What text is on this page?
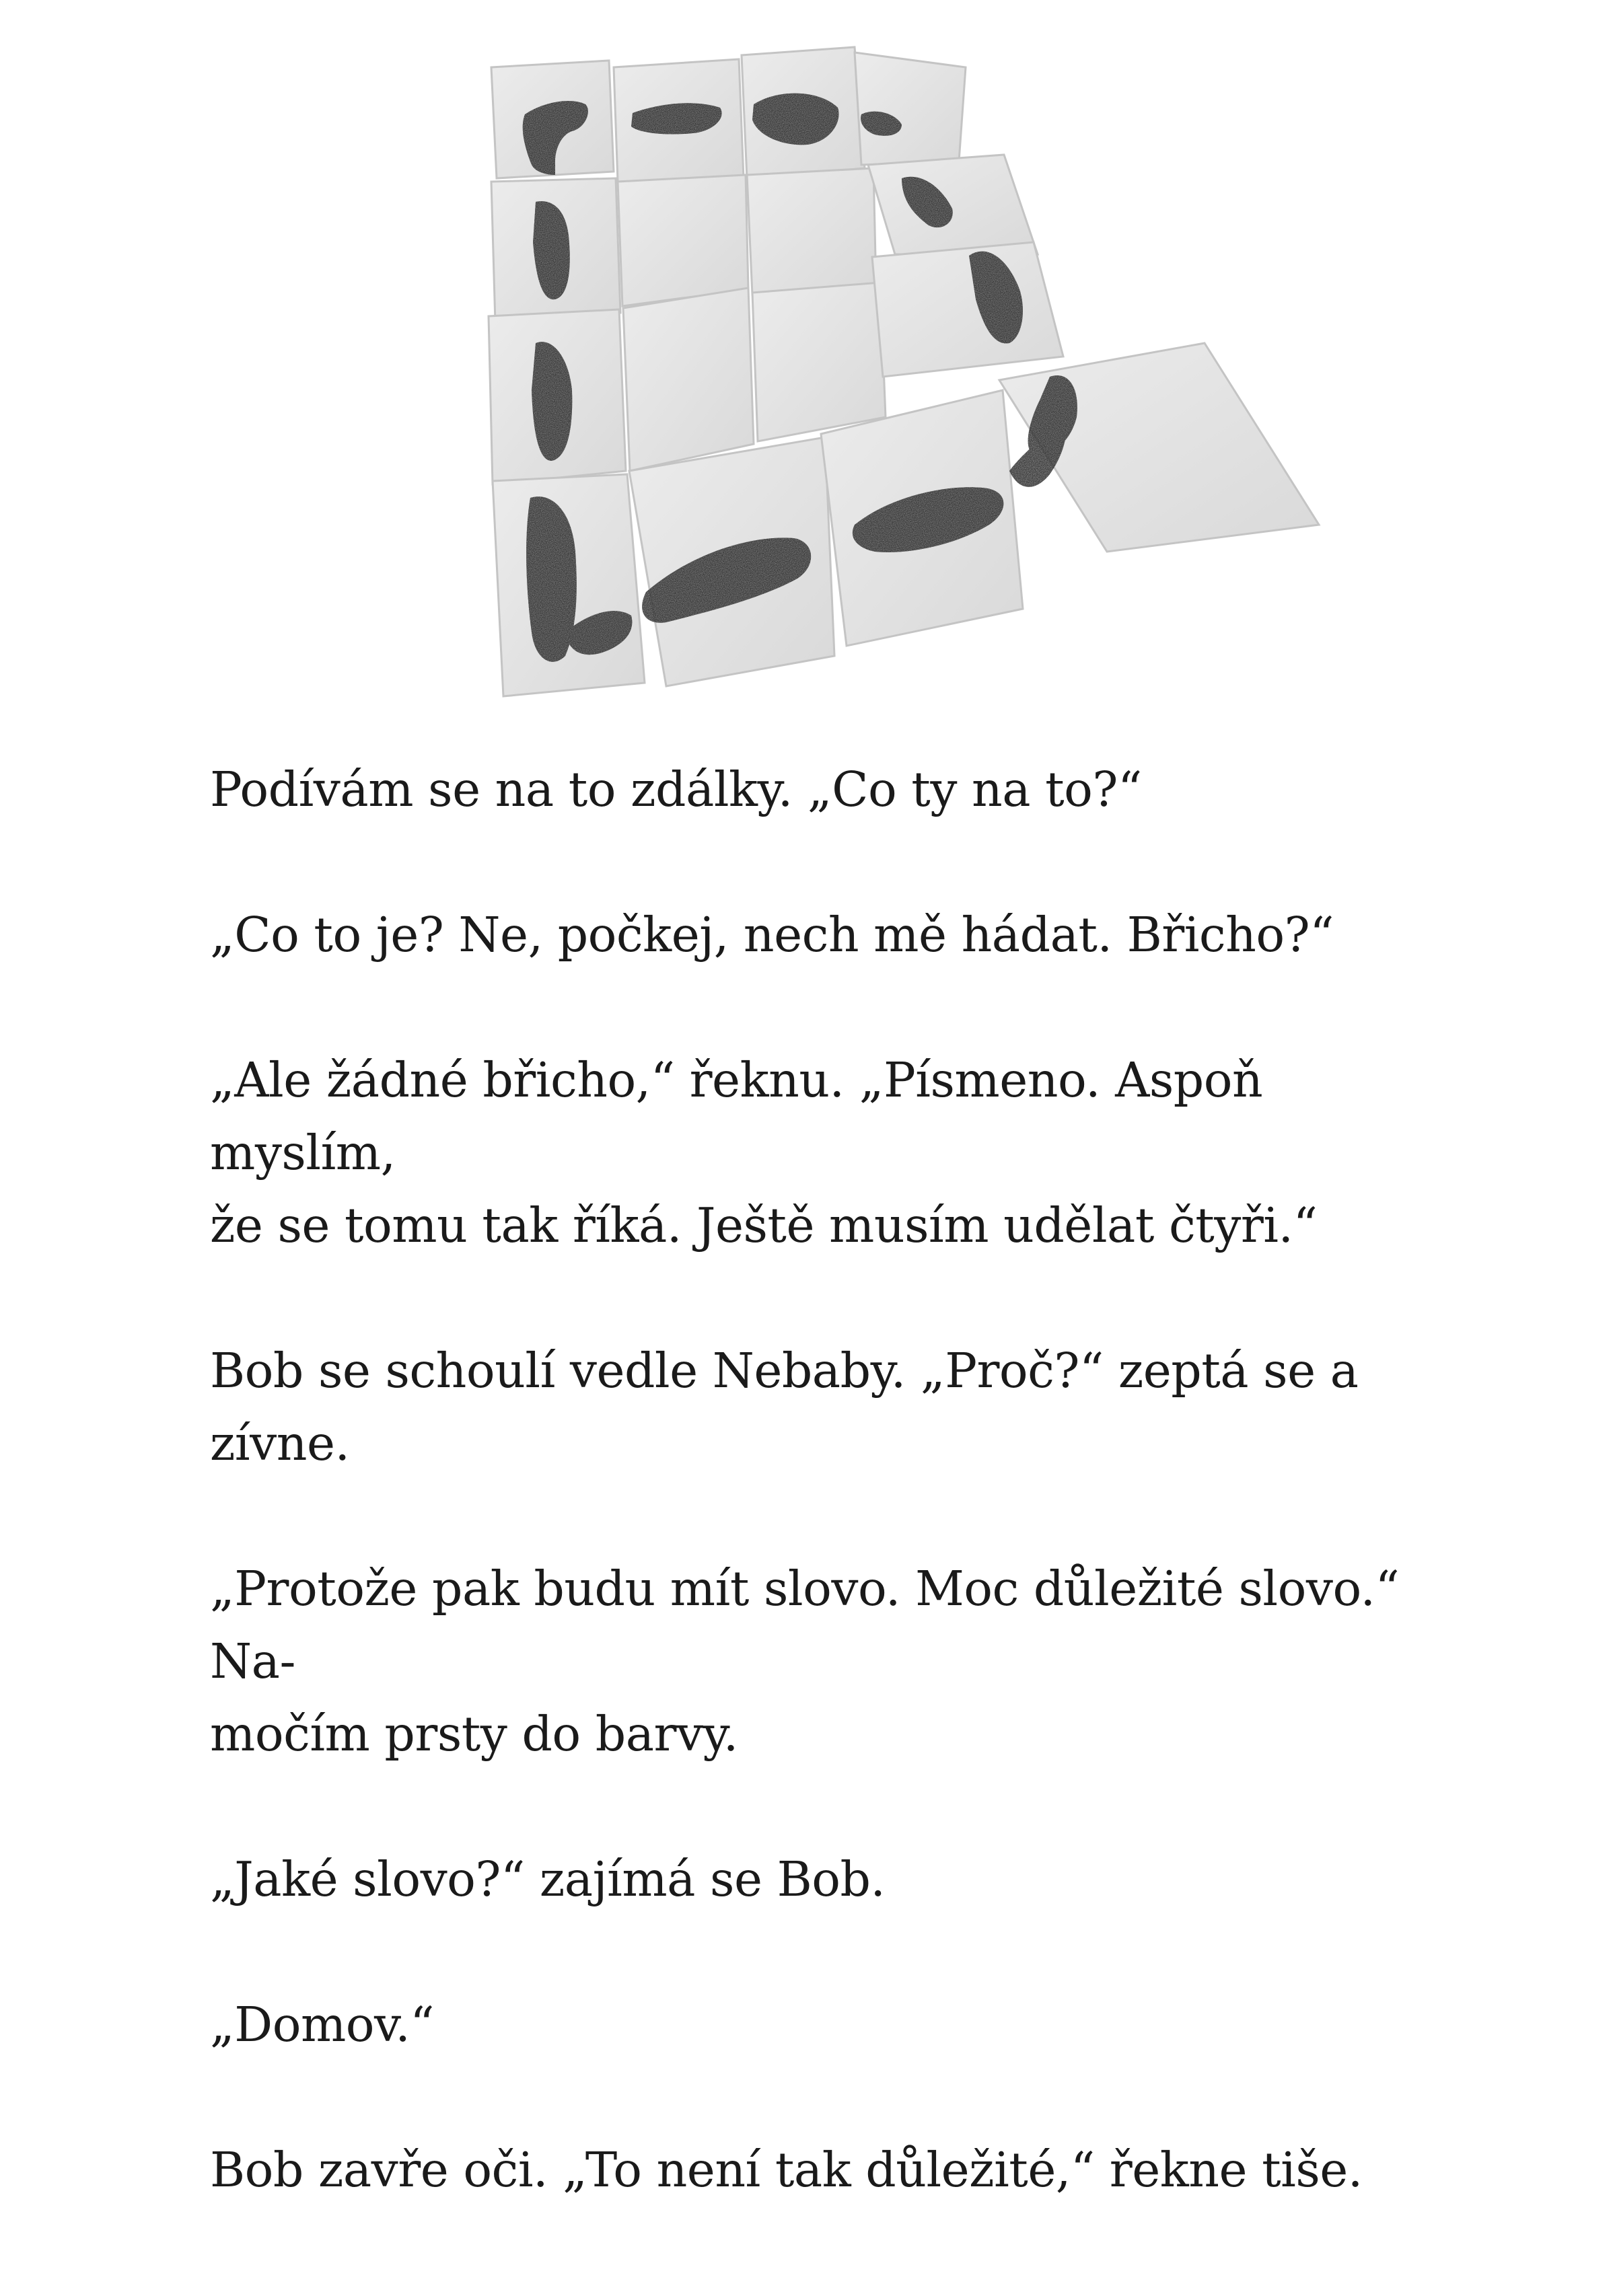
Podívám se na to zdálky. „Co ty na to?“

„Co to je? Ne, počkej, nech mě hádat. Břicho?“

„Ale žádné břicho,“ řeknu. „Písmeno. Aspoň myslím,
že se tomu tak říká. Ještě musím udělat čtyři.“

Bob se schoulí vedle Nebaby. „Proč?“ zeptá se a zívne.

„Protože pak budu mít slovo. Moc důležité slovo.“ Na-
močím prsty do barvy.

„Jaké slovo?“ zajímá se Bob.

„Domov.“

Bob zavře oči. „To není tak důležité,“ řekne tiše.
